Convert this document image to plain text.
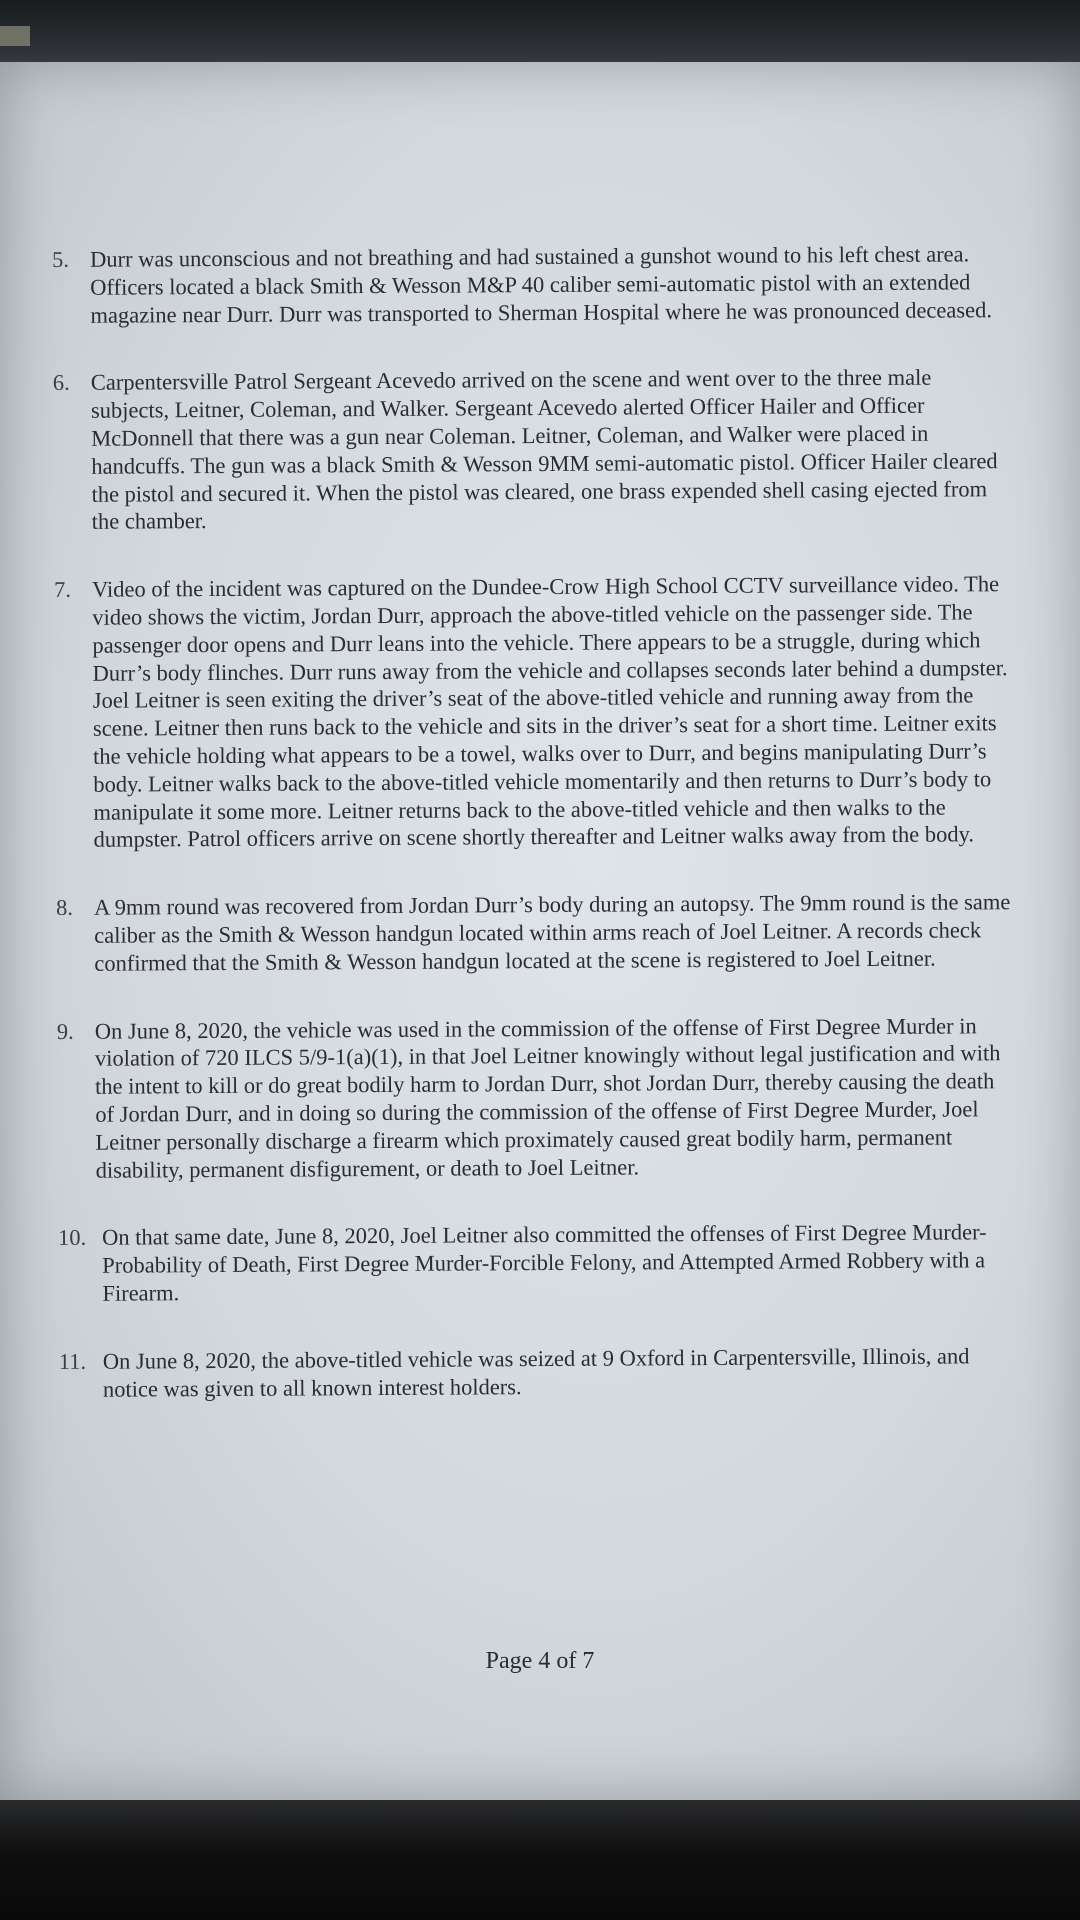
5. Durr was unconscious and not breathing and had sustained a gunshot wound to his left chest area. Officers located a black Smith & Wesson M&P 40 caliber semi-automatic pistol with an extended magazine near Durr. Durr was transported to Sherman Hospital where he was pronounced deceased.
6. Carpentersville Patrol Sergeant Acevedo arrived on the scene and went over to the three male subjects, Leitner, Coleman, and Walker. Sergeant Acevedo alerted Officer Hailer and Officer McDonnell that there was a gun near Coleman. Leitner, Coleman, and Walker were placed in handcuffs. The gun was a black Smith & Wesson 9MM semi-automatic pistol. Officer Hailer cleared the pistol and secured it. When the pistol was cleared, one brass expended shell casing ejected from the chamber.
7. Video of the incident was captured on the Dundee-Crow High School CCTV surveillance video. The video shows the victim, Jordan Durr, approach the above-titled vehicle on the passenger side. The passenger door opens and Durr leans into the vehicle. There appears to be a struggle, during which Durr’s body flinches. Durr runs away from the vehicle and collapses seconds later behind a dumpster. Joel Leitner is seen exiting the driver’s seat of the above-titled vehicle and running away from the scene. Leitner then runs back to the vehicle and sits in the driver’s seat for a short time. Leitner exits the vehicle holding what appears to be a towel, walks over to Durr, and begins manipulating Durr’s body. Leitner walks back to the above-titled vehicle momentarily and then returns to Durr’s body to manipulate it some more. Leitner returns back to the above-titled vehicle and then walks to the dumpster. Patrol officers arrive on scene shortly thereafter and Leitner walks away from the body.
8. A 9mm round was recovered from Jordan Durr’s body during an autopsy. The 9mm round is the same caliber as the Smith & Wesson handgun located within arms reach of Joel Leitner. A records check confirmed that the Smith & Wesson handgun located at the scene is registered to Joel Leitner.
9. On June 8, 2020, the vehicle was used in the commission of the offense of First Degree Murder in violation of 720 ILCS 5/9-1(a)(1), in that Joel Leitner knowingly without legal justification and with the intent to kill or do great bodily harm to Jordan Durr, shot Jordan Durr, thereby causing the death of Jordan Durr, and in doing so during the commission of the offense of First Degree Murder, Joel Leitner personally discharge a firearm which proximately caused great bodily harm, permanent disability, permanent disfigurement, or death to Joel Leitner.
10. On that same date, June 8, 2020, Joel Leitner also committed the offenses of First Degree Murder-Probability of Death, First Degree Murder-Forcible Felony, and Attempted Armed Robbery with a Firearm.
11. On June 8, 2020, the above-titled vehicle was seized at 9 Oxford in Carpentersville, Illinois, and notice was given to all known interest holders.
Page 4 of 7
